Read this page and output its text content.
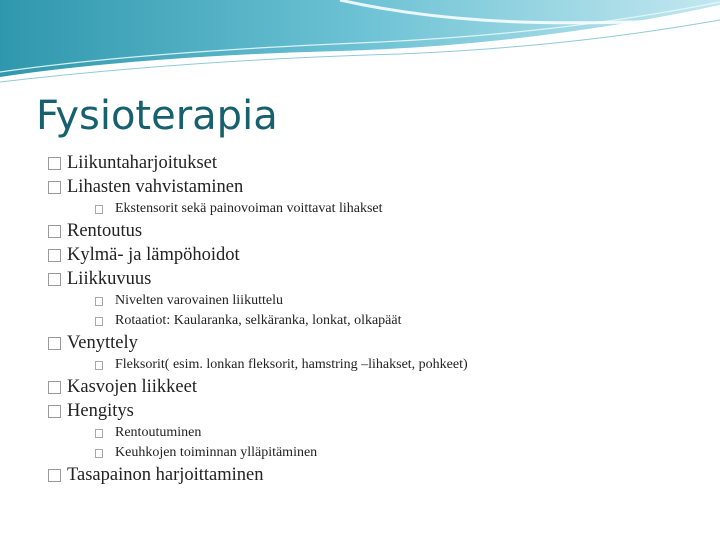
Fysioterapia
Liikuntaharjoitukset
Lihasten vahvistaminen
Ekstensorit sekä painovoiman voittavat lihakset
Rentoutus
Kylmä- ja lämpöhoidot
Liikkuvuus
Nivelten varovainen liikuttelu
Rotaatiot: Kaularanka, selkäranka, lonkat, olkapäät
Venyttely
Fleksorit( esim. lonkan fleksorit, hamstring –lihakset, pohkeet)
Kasvojen liikkeet
Hengitys
Rentoutuminen
Keuhkojen toiminnan ylläpitäminen
Tasapainon harjoittaminen
